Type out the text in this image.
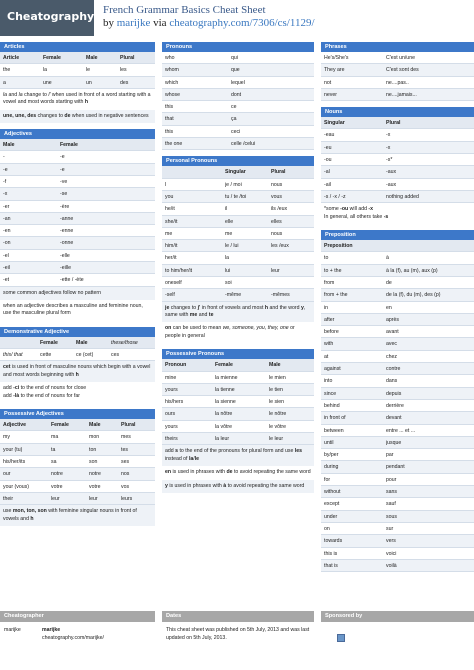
Cheatography French Grammar Basics Cheat Sheet
by marijke via cheatography.com/7306/cs/1129/
Articles
Article	Female	Male	Plural
the	la	le	les
a	une	un	des
la and la change to l' when used in front of a word starting with a vowel and most words starting with h
une, une, des changes to de when used in negative sentences
Adjectives
Male	Female
-	-e
-e	-e
-f	-ve
-x	-se
-er	-ère
-an	-anne
-en	-enne
-on	-onne
-el	-elle
-eil	-eille
-et	-ette / -ète
some common adjectives follow no pattern
when an adjective describes a masculine and feminine noun, use the masculine plural form
Demonstrative Adjective
Female	Male	these/those
this/ that	cette	ce (cet)	ces
cet is used in front of masculine nouns which begin with a vowel and most words beginning with h
add -ci to the end of nouns for close
add -là to the end of nouns for far
Possessive Adjectives
Adjective	Female	Male	Plural
my	ma	mon	mes
your (tu)	ta	ton	tes
his/her/its	sa	son	ses
our	notre	notre	nos
your (vous)	votre	votre	vos
their	leur	leur	leurs
use mon, ton, son with feminine singular nouns in front of vowels and h
Pronouns
who	qui
whom	que
which	lequel
whose	dont
this	ce
that	ça
this	ceci
the one	celle /celui
Personal Pronouns
Singular	Plural
I	je / moi	nous
you	tu / te /toi	vous
he/it	il	ils /eux
she/it	elle	elles
me	me	nous
him/it	le / lui	les /eux
her/it	la
to him/her/it	lui	leur
oneself	soi
-self	-même	-mêmes
je changes to j' in front of vowels and most h and the word y, same with me and te
on can be used to mean we, someone, you, they, one or people in general
Possessive Pronouns
Pronoun	Female	Male
mine	la mienne	le mien
yours	la tienne	le tien
his/hers	la sienne	le sien
ours	la nôtre	le nôtre
yours	la vôtre	le vôtre
theirs	la leur	le leur
add s to the end of the pronouns for plural form and use les instead of la/le
en is used in phrases with de to avoid repeating the same word
y is used in phrases with à to avoid repeating the same word
Phrases
He's/She's	C'est un/une
They are	C'est sont des
not	ne....pas..
never	ne....jamais...
Nouns
Singular	Plural
-eau	-x
-eu	-x
-ou	-s*
-al	-aux
-ail	-aux
-s / -x / -z	nothing added
*some -ou will add -x
In general, all others take -s
Preposition
Preposition
to	à
to + the	à la (f), au (m), aux (p)
from	de
from + the	de la (f), du (m), des (p)
in	en
after	après
before	avant
with	avec
at	chez
against	contre
into	dans
since	depuis
behind	derrière
in front of	devant
between	entre ... et ...
until	jusque
by/per	par
during	pendant
for	pour
without	sans
except	sauf
under	sous
on	sur
towards	vers
this is	voici
that is	voilà
Cheatographer
marijke	marijke
cheatography.com/marijke/
Dates
This cheat sheet was published on 5th July, 2013 and was last updated on 5th July, 2013.
Sponsored by
